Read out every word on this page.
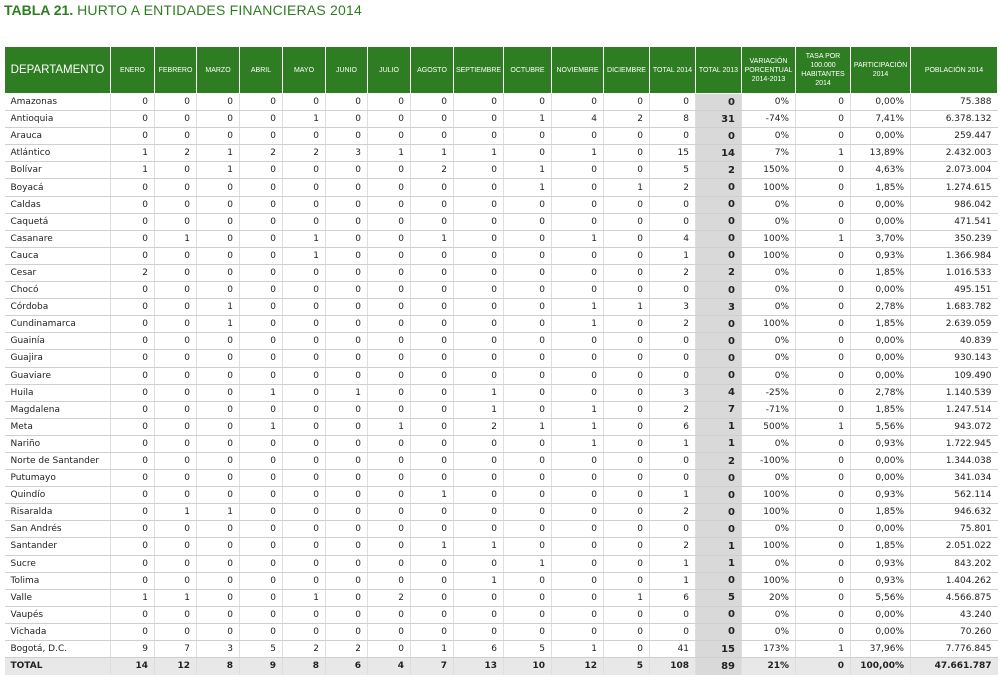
TABLA 21. HURTO A ENTIDADES FINANCIERAS 2014
DEPARTAMENTO	ENERO	FEBRERO	MARZO	ABRIL	MAYO	JUNIO	JULIO	AGOSTO	SEPTIEMBRE	OCTUBRE	NOVIEMBRE	DICIEMBRE	TOTAL 2014	TOTAL 2013	VARIACIÓN PORCENTUAL 2014-2013	TASA POR 100.000 HABITANTES 2014	PARTICIPACIÓN 2014	POBLACIÓN 2014
Amazonas	0	0	0	0	0	0	0	0	0	0	0	0	0	0	0%	0	0,00%	75.388
Antioquia	0	0	0	0	1	0	0	0	0	1	4	2	8	31	-74%	0	7,41%	6.378.132
Arauca	0	0	0	0	0	0	0	0	0	0	0	0	0	0	0%	0	0,00%	259.447
Atlántico	1	2	1	2	2	3	1	1	1	0	1	0	15	14	7%	1	13,89%	2.432.003
Bolívar	1	0	1	0	0	0	0	2	0	1	0	0	5	2	150%	0	4,63%	2.073.004
Boyacá	0	0	0	0	0	0	0	0	0	1	0	1	2	0	100%	0	1,85%	1.274.615
Caldas	0	0	0	0	0	0	0	0	0	0	0	0	0	0	0%	0	0,00%	986.042
Caquetá	0	0	0	0	0	0	0	0	0	0	0	0	0	0	0%	0	0,00%	471.541
Casanare	0	1	0	0	1	0	0	1	0	0	1	0	4	0	100%	1	3,70%	350.239
Cauca	0	0	0	0	1	0	0	0	0	0	0	0	1	0	100%	0	0,93%	1.366.984
Cesar	2	0	0	0	0	0	0	0	0	0	0	0	2	2	0%	0	1,85%	1.016.533
Chocó	0	0	0	0	0	0	0	0	0	0	0	0	0	0	0%	0	0,00%	495.151
Córdoba	0	0	1	0	0	0	0	0	0	0	1	1	3	3	0%	0	2,78%	1.683.782
Cundinamarca	0	0	1	0	0	0	0	0	0	0	1	0	2	0	100%	0	1,85%	2.639.059
Guainía	0	0	0	0	0	0	0	0	0	0	0	0	0	0	0%	0	0,00%	40.839
Guajira	0	0	0	0	0	0	0	0	0	0	0	0	0	0	0%	0	0,00%	930.143
Guaviare	0	0	0	0	0	0	0	0	0	0	0	0	0	0	0%	0	0,00%	109.490
Huila	0	0	0	1	0	1	0	0	1	0	0	0	3	4	-25%	0	2,78%	1.140.539
Magdalena	0	0	0	0	0	0	0	0	1	0	1	0	2	7	-71%	0	1,85%	1.247.514
Meta	0	0	0	1	0	0	1	0	2	1	1	0	6	1	500%	1	5,56%	943.072
Nariño	0	0	0	0	0	0	0	0	0	0	1	0	1	1	0%	0	0,93%	1.722.945
Norte de Santander	0	0	0	0	0	0	0	0	0	0	0	0	0	2	-100%	0	0,00%	1.344.038
Putumayo	0	0	0	0	0	0	0	0	0	0	0	0	0	0	0%	0	0,00%	341.034
Quindío	0	0	0	0	0	0	0	1	0	0	0	0	1	0	100%	0	0,93%	562.114
Risaralda	0	1	1	0	0	0	0	0	0	0	0	0	2	0	100%	0	1,85%	946.632
San Andrés	0	0	0	0	0	0	0	0	0	0	0	0	0	0	0%	0	0,00%	75.801
Santander	0	0	0	0	0	0	0	1	1	0	0	0	2	1	100%	0	1,85%	2.051.022
Sucre	0	0	0	0	0	0	0	0	0	1	0	0	1	1	0%	0	0,93%	843.202
Tolima	0	0	0	0	0	0	0	0	1	0	0	0	1	0	100%	0	0,93%	1.404.262
Valle	1	1	0	0	1	0	2	0	0	0	0	1	6	5	20%	0	5,56%	4.566.875
Vaupés	0	0	0	0	0	0	0	0	0	0	0	0	0	0	0%	0	0,00%	43.240
Vichada	0	0	0	0	0	0	0	0	0	0	0	0	0	0	0%	0	0,00%	70.260
Bogotá, D.C.	9	7	3	5	2	2	0	1	6	5	1	0	41	15	173%	1	37,96%	7.776.845
TOTAL	14	12	8	9	8	6	4	7	13	10	12	5	108	89	21%	0	100,00%	47.661.787
